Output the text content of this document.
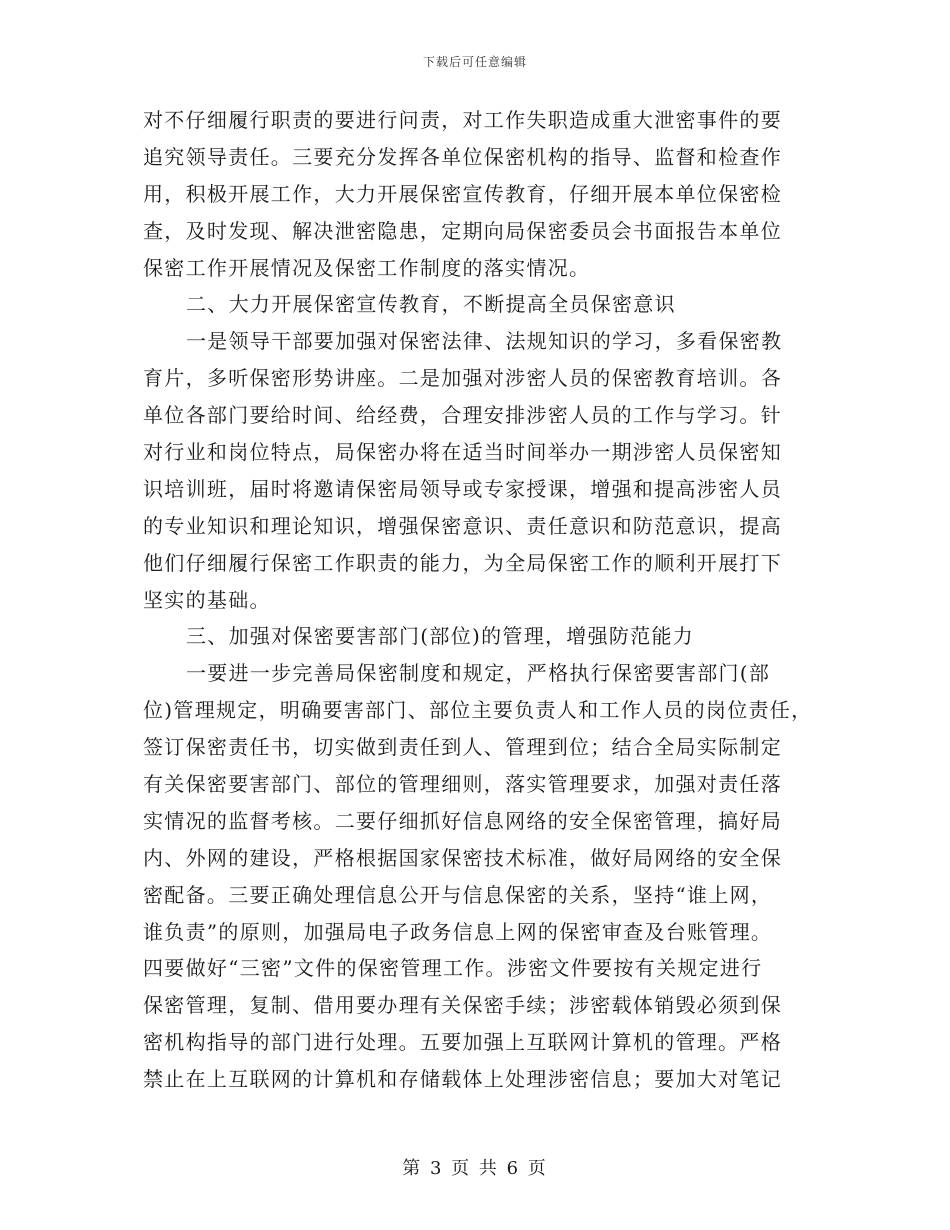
下载后可任意编辑
对不仔细履行职责的要进行问责，对工作失职造成重大泄密事件的要
追究领导责任。三要充分发挥各单位保密机构的指导、监督和检查作
用，积极开展工作，大力开展保密宣传教育，仔细开展本单位保密检
查，及时发现、解决泄密隐患，定期向局保密委员会书面报告本单位
保密工作开展情况及保密工作制度的落实情况。
二、大力开展保密宣传教育，不断提高全员保密意识
一是领导干部要加强对保密法律、法规知识的学习，多看保密教
育片，多听保密形势讲座。二是加强对涉密人员的保密教育培训。各
单位各部门要给时间、给经费，合理安排涉密人员的工作与学习。针
对行业和岗位特点，局保密办将在适当时间举办一期涉密人员保密知
识培训班，届时将邀请保密局领导或专家授课，增强和提高涉密人员
的专业知识和理论知识，增强保密意识、责任意识和防范意识，提高
他们仔细履行保密工作职责的能力，为全局保密工作的顺利开展打下
坚实的基础。
三、加强对保密要害部门(部位)的管理，增强防范能力
一要进一步完善局保密制度和规定，严格执行保密要害部门(部
位)管理规定，明确要害部门、部位主要负责人和工作人员的岗位责任，
签订保密责任书，切实做到责任到人、管理到位；结合全局实际制定
有关保密要害部门、部位的管理细则，落实管理要求，加强对责任落
实情况的监督考核。二要仔细抓好信息网络的安全保密管理，搞好局
内、外网的建设，严格根据国家保密技术标准，做好局网络的安全保
密配备。三要正确处理信息公开与信息保密的关系，坚持“谁上网，
谁负责”的原则，加强局电子政务信息上网的保密审查及台账管理。
四要做好“三密”文件的保密管理工作。涉密文件要按有关规定进行
保密管理，复制、借用要办理有关保密手续；涉密载体销毁必须到保
密机构指导的部门进行处理。五要加强上互联网计算机的管理。严格
禁止在上互联网的计算机和存储载体上处理涉密信息；要加大对笔记
第 3 页 共 6 页
